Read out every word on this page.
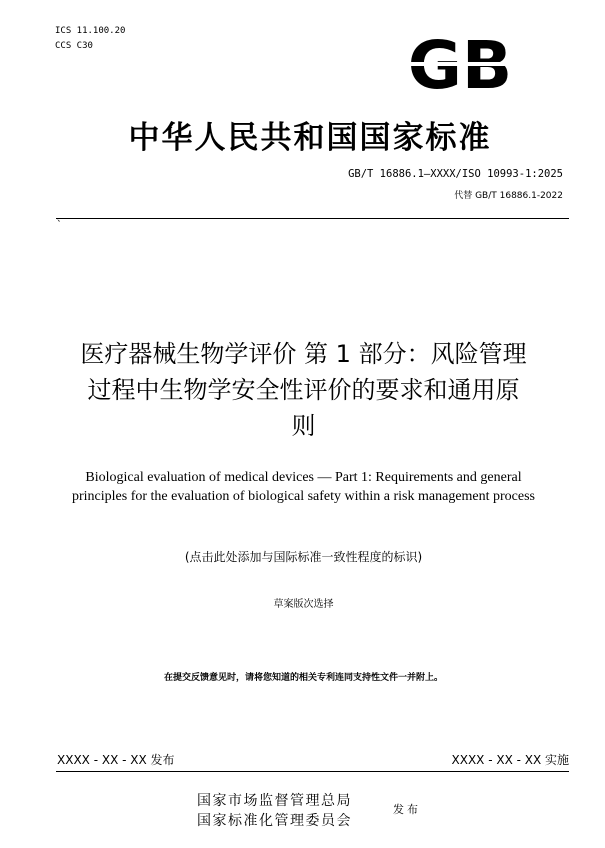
ICS 11.100.20
CCS C30	GB
中华人民共和国国家标准
GB/T 16886.1—XXXX/ISO 10993-1:2025
代替 GB/T 16886.1-2022
、
医疗器械生物学评价 第 1 部分：风险管理
过程中生物学安全性评价的要求和通用原
则
Biological evaluation of medical devices — Part 1: Requirements and general
principles for the evaluation of biological safety within a risk management process
(点击此处添加与国际标准一致性程度的标识)
草案版次选择
在提交反馈意见时，请将您知道的相关专利连同支持性文件一并附上。
XXXX - XX - XX 发布	XXXX - XX - XX 实施
国家市场监督管理总局
国家标准化管理委员会
发布
